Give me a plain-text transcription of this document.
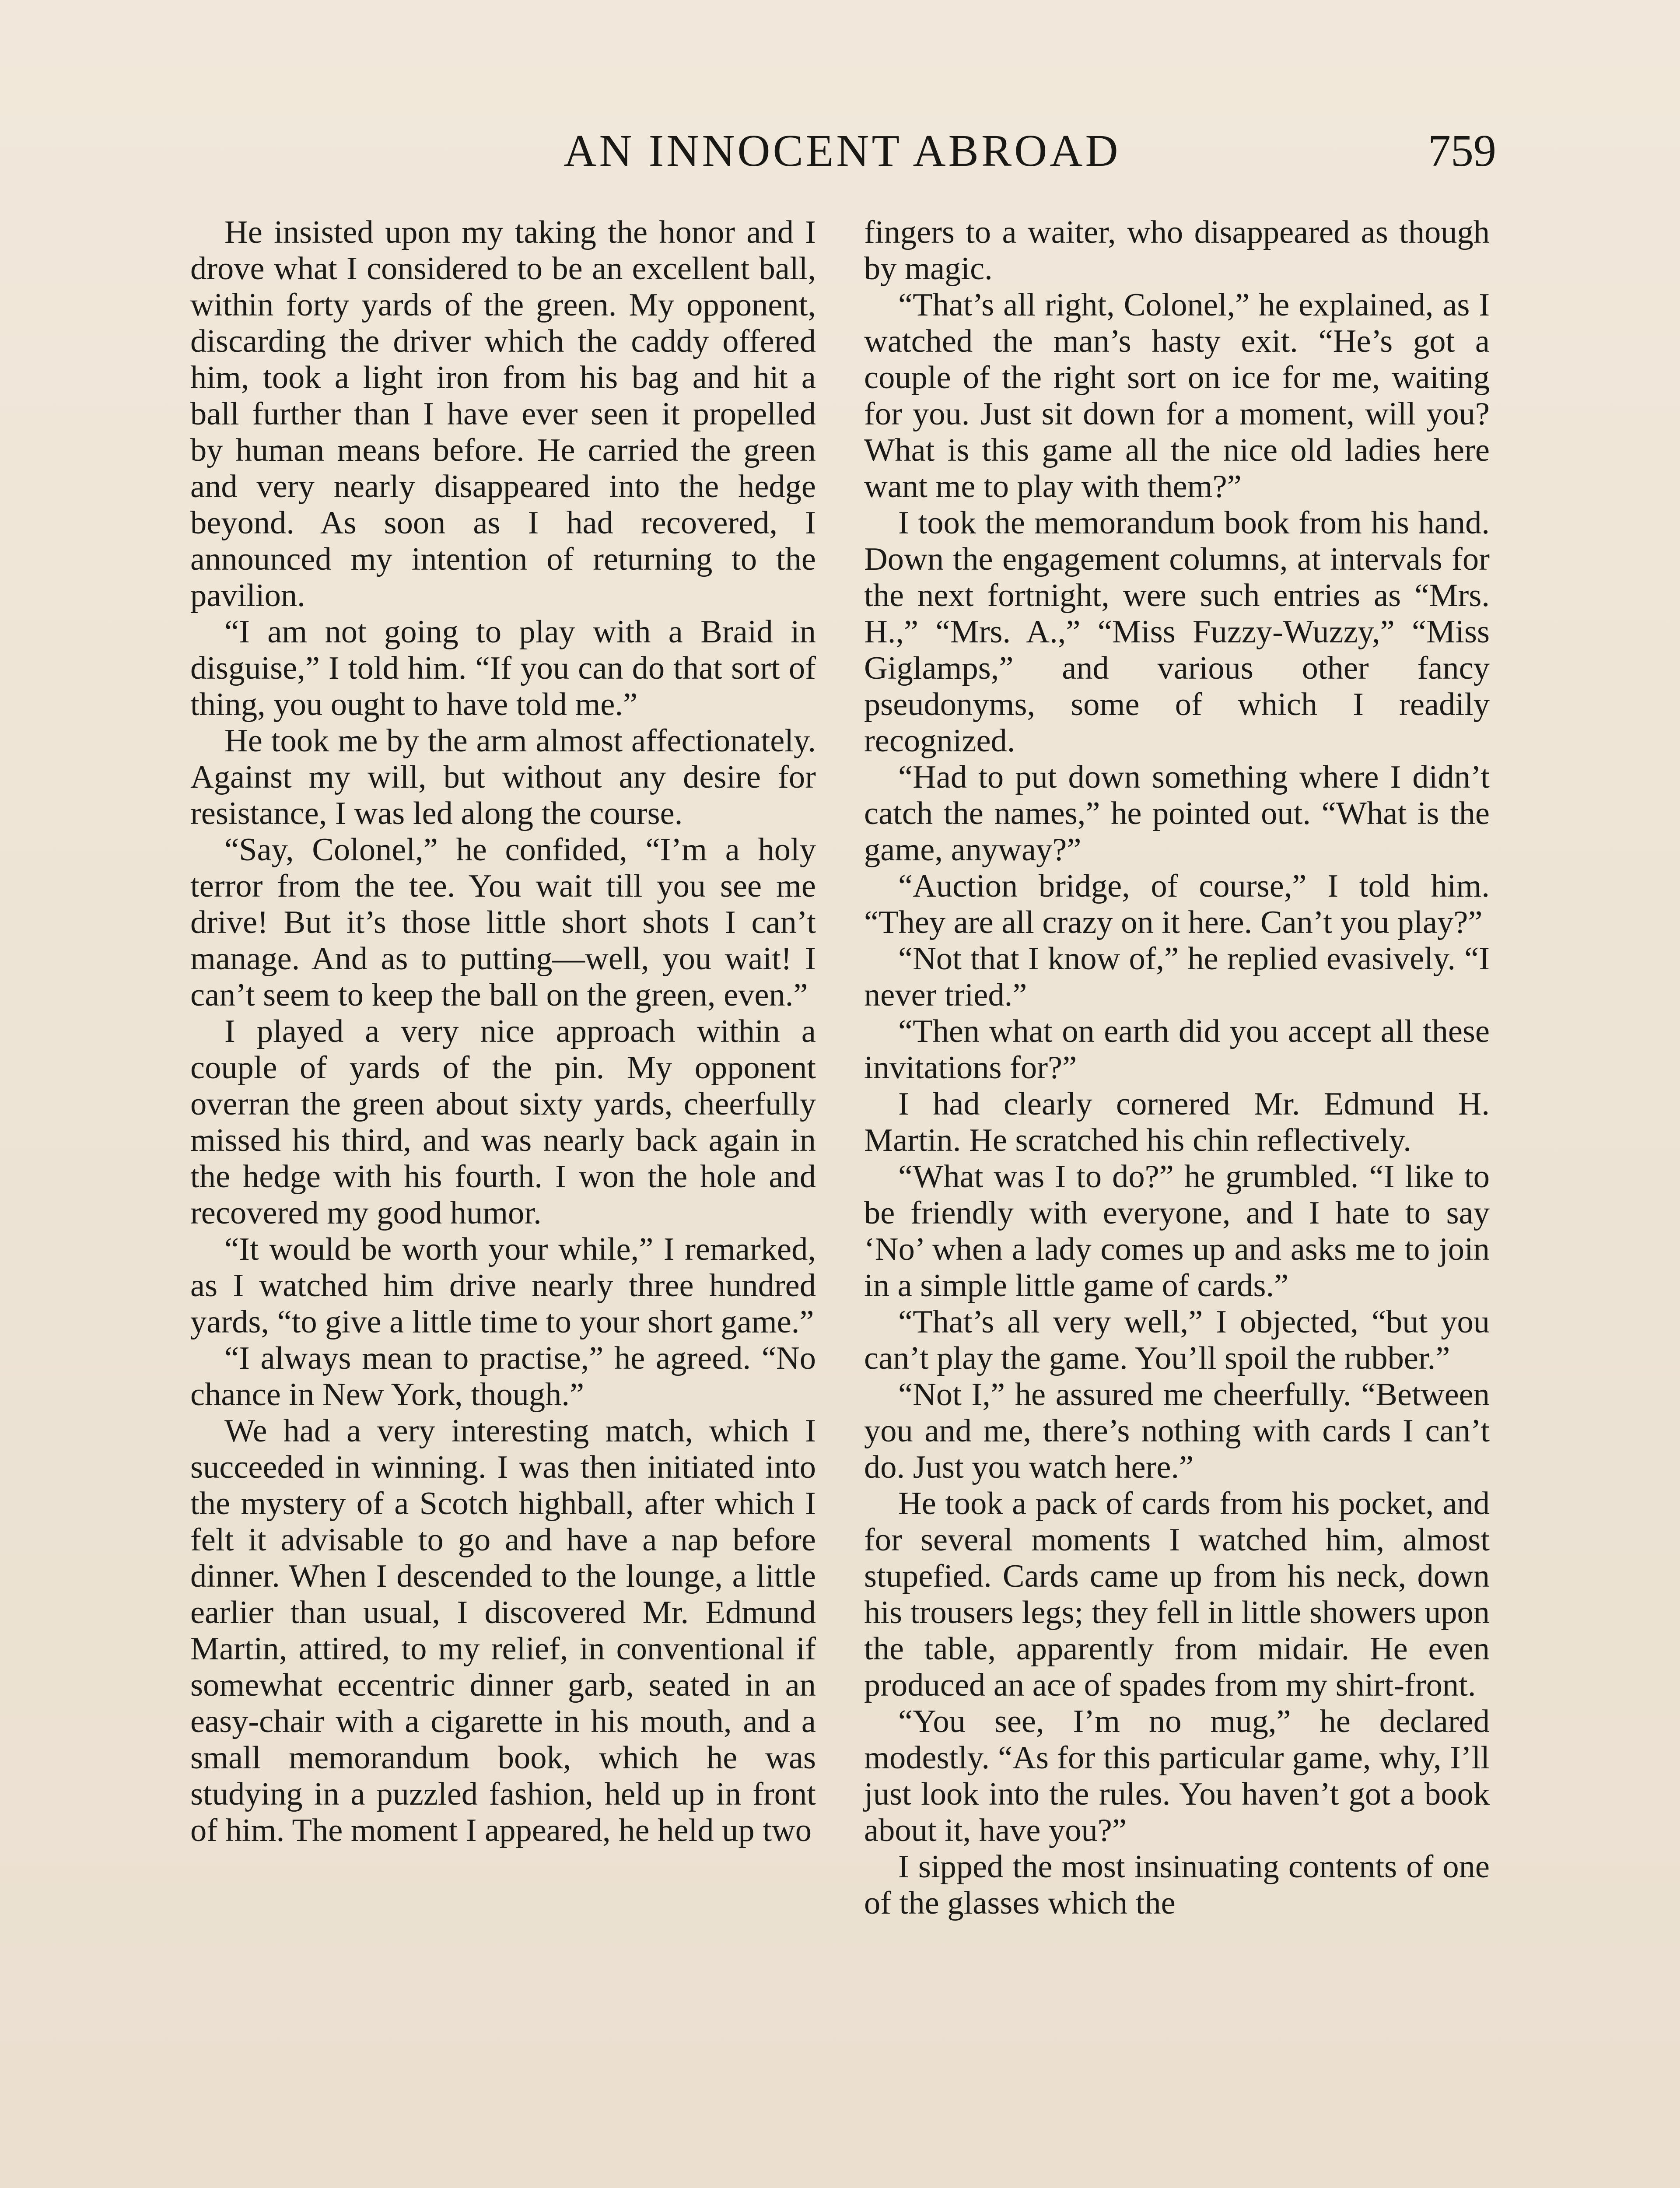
AN INNOCENT ABROAD	759

He insisted upon my taking the honor and I drove what I considered to be an excellent ball, within forty yards of the green. My opponent, discarding the driver which the caddy offered him, took a light iron from his bag and hit a ball further than I have ever seen it propelled by human means before. He carried the green and very nearly disappeared into the hedge beyond. As soon as I had recovered, I announced my intention of returning to the pavilion.

“I am not going to play with a Braid in disguise,” I told him. “If you can do that sort of thing, you ought to have told me.”

He took me by the arm almost affectionately. Against my will, but without any desire for resistance, I was led along the course.

“Say, Colonel,” he confided, “I’m a holy terror from the tee. You wait till you see me drive! But it’s those little short shots I can’t manage. And as to putting—well, you wait! I can’t seem to keep the ball on the green, even.”

I played a very nice approach within a couple of yards of the pin. My opponent overran the green about sixty yards, cheerfully missed his third, and was nearly back again in the hedge with his fourth. I won the hole and recovered my good humor.

“It would be worth your while,” I remarked, as I watched him drive nearly three hundred yards, “to give a little time to your short game.”

“I always mean to practise,” he agreed. “No chance in New York, though.”

We had a very interesting match, which I succeeded in winning. I was then initiated into the mystery of a Scotch highball, after which I felt it advisable to go and have a nap before dinner. When I descended to the lounge, a little earlier than usual, I discovered Mr. Edmund Martin, attired, to my relief, in conventional if somewhat eccentric dinner garb, seated in an easy-chair with a cigarette in his mouth, and a small memorandum book, which he was studying in a puzzled fashion, held up in front of him. The moment I appeared, he held up two

fingers to a waiter, who disappeared as though by magic.

“That’s all right, Colonel,” he explained, as I watched the man’s hasty exit. “He’s got a couple of the right sort on ice for me, waiting for you. Just sit down for a moment, will you? What is this game all the nice old ladies here want me to play with them?”

I took the memorandum book from his hand. Down the engagement columns, at intervals for the next fortnight, were such entries as “Mrs. H.,” “Mrs. A.,” “Miss Fuzzy-Wuzzy,” “Miss Giglamps,” and various other fancy pseudonyms, some of which I readily recognized.

“Had to put down something where I didn’t catch the names,” he pointed out. “What is the game, anyway?”

“Auction bridge, of course,” I told him. “They are all crazy on it here. Can’t you play?”

“Not that I know of,” he replied evasively. “I never tried.”

“Then what on earth did you accept all these invitations for?”

I had clearly cornered Mr. Edmund H. Martin. He scratched his chin reflectively.

“What was I to do?” he grumbled. “I like to be friendly with everyone, and I hate to say ‘No’ when a lady comes up and asks me to join in a simple little game of cards.”

“That’s all very well,” I objected, “but you can’t play the game. You’ll spoil the rubber.”

“Not I,” he assured me cheerfully. “Between you and me, there’s nothing with cards I can’t do. Just you watch here.”

He took a pack of cards from his pocket, and for several moments I watched him, almost stupefied. Cards came up from his neck, down his trousers legs; they fell in little showers upon the table, apparently from midair. He even produced an ace of spades from my shirt-front.

“You see, I’m no mug,” he declared modestly. “As for this particular game, why, I’ll just look into the rules. You haven’t got a book about it, have you?”

I sipped the most insinuating contents of one of the glasses which the
